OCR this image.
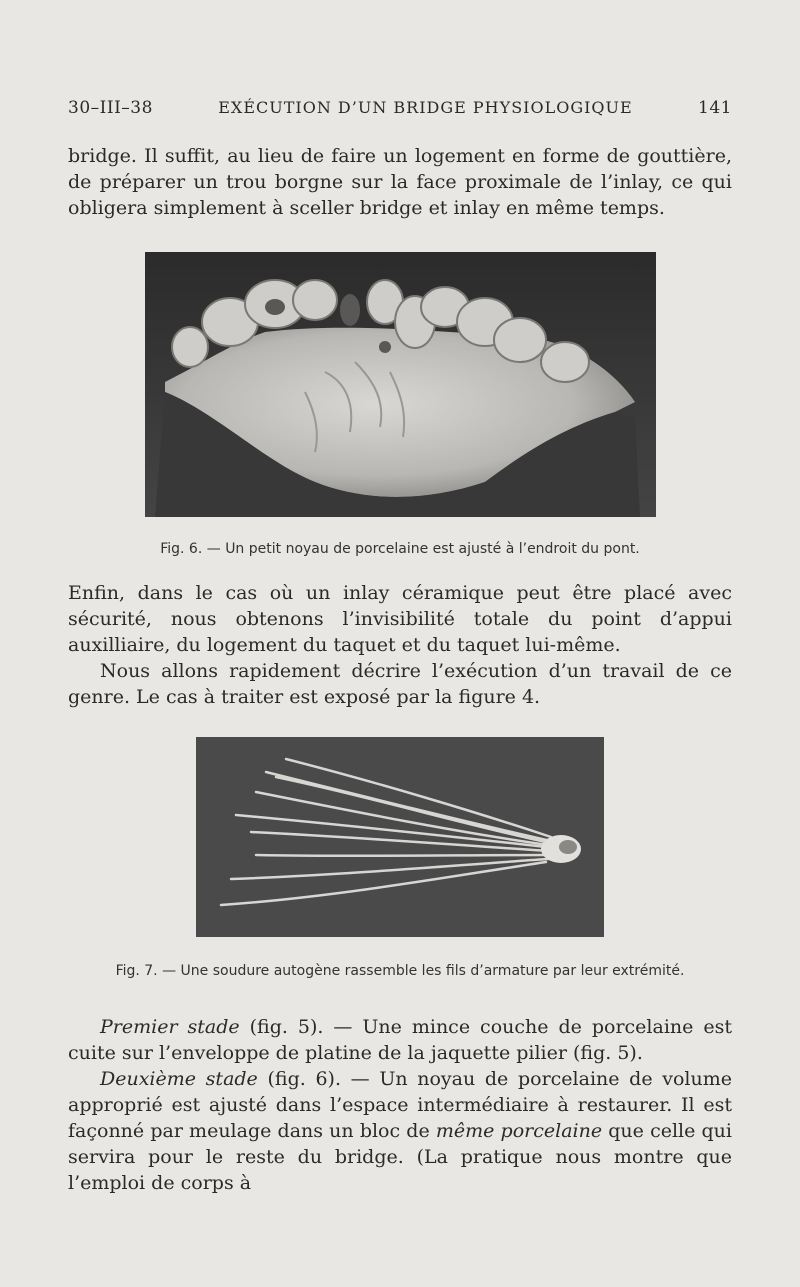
30–III–38	EXÉCUTION D’UN BRIDGE PHYSIOLOGIQUE	141

bridge. Il suffit, au lieu de faire un logement en forme de gouttière, de préparer un trou borgne sur la face proximale de l’inlay, ce qui obligera simplement à sceller bridge et inlay en même temps.

Fig. 6. — Un petit noyau de porcelaine est ajusté à l’endroit du pont.

Enfin, dans le cas où un inlay céramique peut être placé avec sécurité, nous obtenons l’invisibilité totale du point d’appui auxilliaire, du logement du taquet et du taquet lui-même.

Nous allons rapidement décrire l’exécution d’un travail de ce genre. Le cas à traiter est exposé par la figure 4.

Fig. 7. — Une soudure autogène rassemble les fils d’armature par leur extrémité.

Premier stade (fig. 5). — Une mince couche de porcelaine est cuite sur l’enveloppe de platine de la jaquette pilier (fig. 5).

Deuxième stade (fig. 6). — Un noyau de porcelaine de volume approprié est ajusté dans l’espace intermédiaire à restaurer. Il est façonné par meulage dans un bloc de même porcelaine que celle qui servira pour le reste du bridge. (La pratique nous montre que l’emploi de corps à
